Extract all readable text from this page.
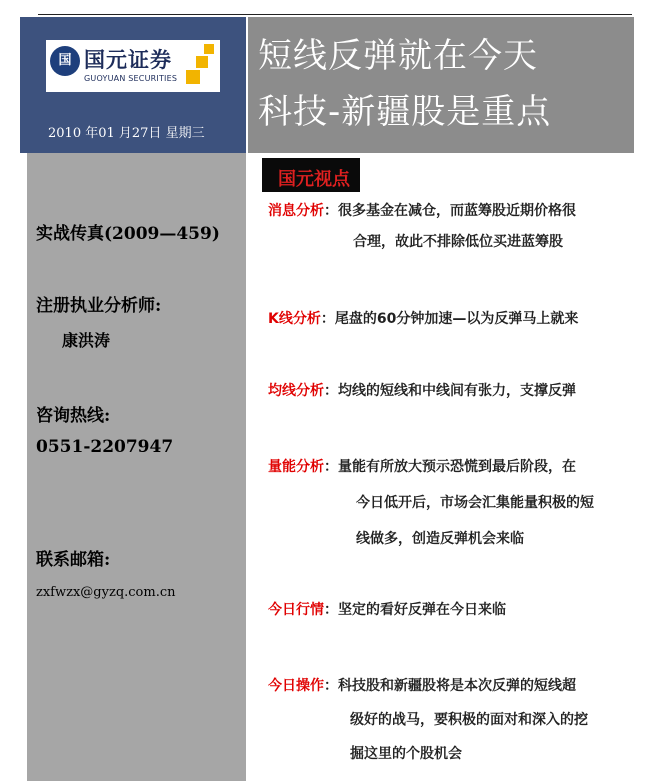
国 国元证券
GUOYUAN SECURITIES
2010 年01 月27日 星期三
短线反弹就在今天
科技-新疆股是重点
实战传真(2009—459)
注册执业分析师:
康洪涛
咨询热线:
0551-2207947
联系邮箱:
zxfwzx@gyzq.com.cn
国元视点
消息分析：很多基金在减仓，而蓝筹股近期价格很
合理，故此不排除低位买进蓝筹股
K线分析：尾盘的60分钟加速—以为反弹马上就来
均线分析：均线的短线和中线间有张力，支撑反弹
量能分析：量能有所放大预示恐慌到最后阶段，在
今日低开后，市场会汇集能量积极的短
线做多，创造反弹机会来临
今日行情：坚定的看好反弹在今日来临
今日操作：科技股和新疆股将是本次反弹的短线超
级好的战马，要积极的面对和深入的挖
掘这里的个股机会
